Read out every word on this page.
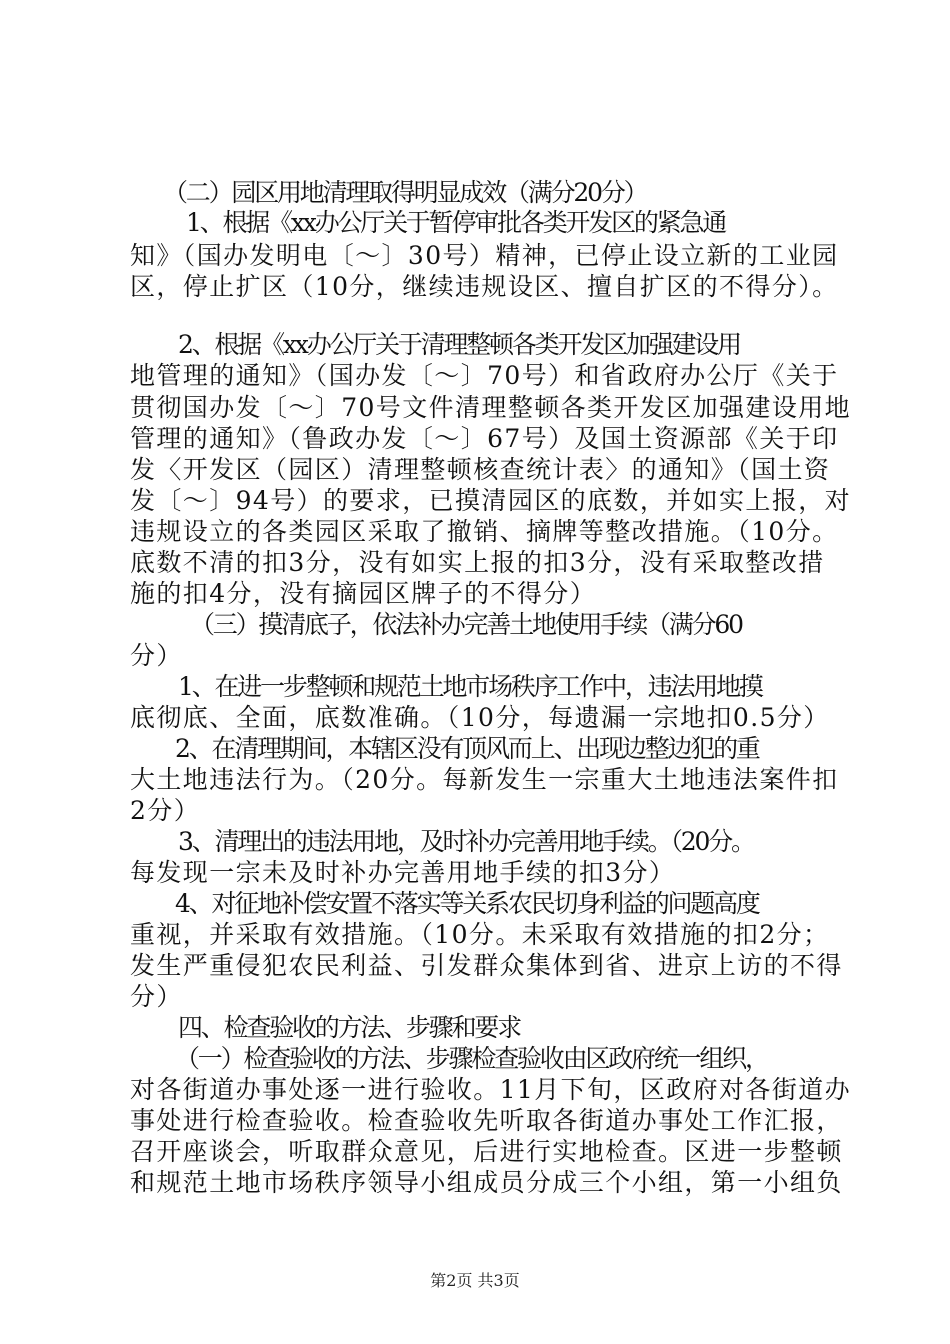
（二）园区用地清理取得明显成效（满分20分）
1、根据《xx办公厅关于暂停审批各类开发区的紧急通
知》（国办发明电〔～〕30号）精神，已停止设立新的工业园
区，停止扩区（10分，继续违规设区、擅自扩区的不得分）。
2、根据《xx办公厅关于清理整顿各类开发区加强建设用
地管理的通知》（国办发〔～〕70号）和省政府办公厅《关于
贯彻国办发〔～〕70号文件清理整顿各类开发区加强建设用地
管理的通知》（鲁政办发〔～〕67号）及国土资源部《关于印
发〈开发区（园区）清理整顿核查统计表〉的通知》（国土资
发〔～〕94号）的要求，已摸清园区的底数，并如实上报，对
违规设立的各类园区采取了撤销、摘牌等整改措施。（10分。
底数不清的扣3分，没有如实上报的扣3分，没有采取整改措
施的扣4分，没有摘园区牌子的不得分）
（三）摸清底子，依法补办完善土地使用手续（满分60
分）
1、在进一步整顿和规范土地市场秩序工作中，违法用地摸
底彻底、全面，底数准确。（10分，每遗漏一宗地扣0.5分）
2、在清理期间，本辖区没有顶风而上、出现边整边犯的重
大土地违法行为。（20分。每新发生一宗重大土地违法案件扣
2分）
3、清理出的违法用地，及时补办完善用地手续。（20分。
每发现一宗未及时补办完善用地手续的扣3分）
4、对征地补偿安置不落实等关系农民切身利益的问题高度
重视，并采取有效措施。（10分。未采取有效措施的扣2分；
发生严重侵犯农民利益、引发群众集体到省、进京上访的不得
分）
四、检查验收的方法、步骤和要求
（一）检查验收的方法、步骤检查验收由区政府统一组织，
对各街道办事处逐一进行验收。11月下旬，区政府对各街道办
事处进行检查验收。检查验收先听取各街道办事处工作汇报，
召开座谈会，听取群众意见，后进行实地检查。区进一步整顿
和规范土地市场秩序领导小组成员分成三个小组，第一小组负
第2页 共3页
